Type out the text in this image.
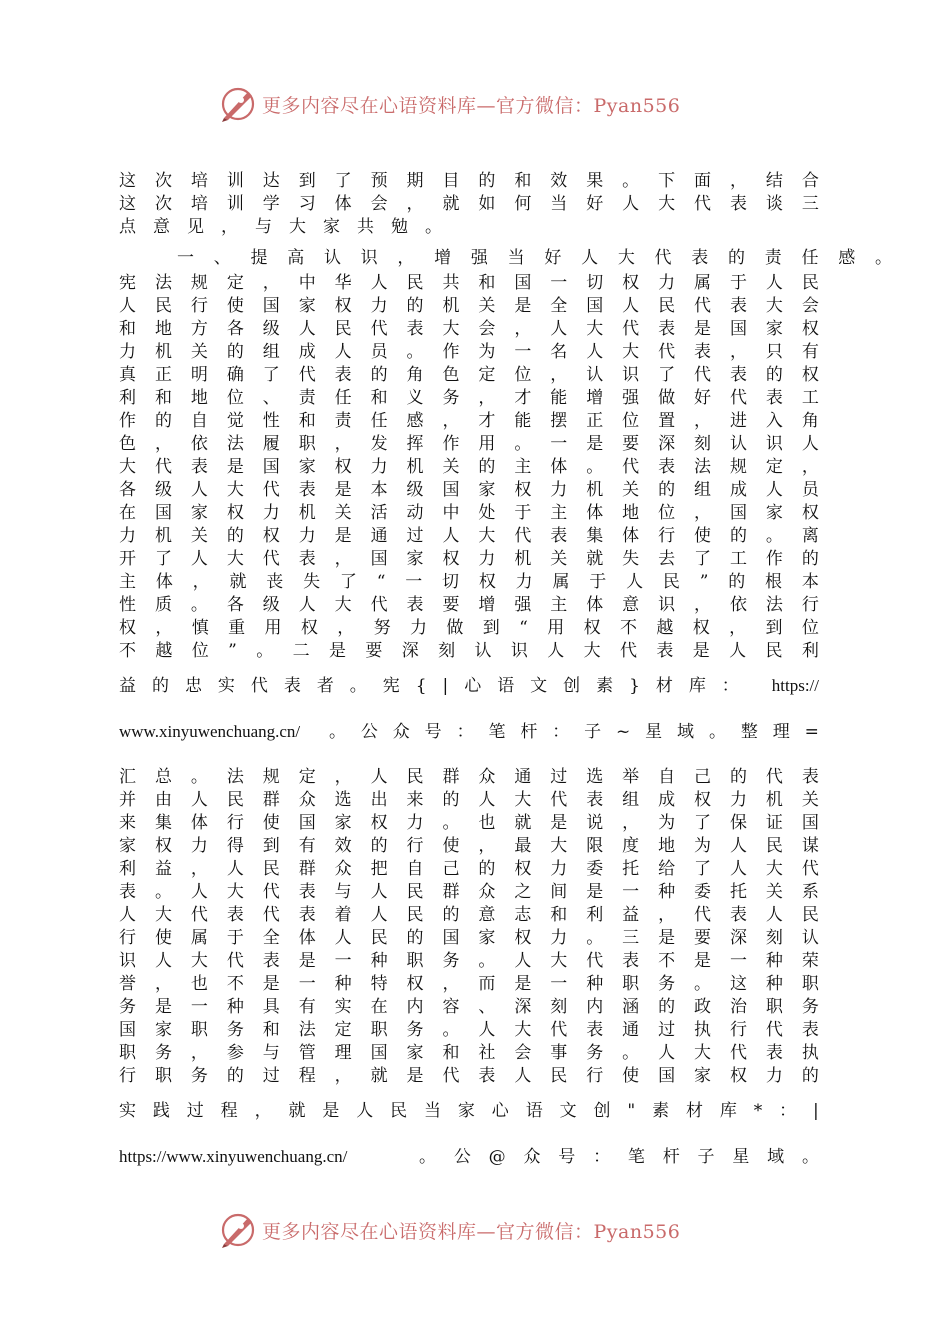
更多内容尽在心语资料库—官方微信：Pyan556
这 次 培 训 达 到 了 预 期 目 的 和 效 果 。 下 面 ， 结 合
这 次 培 训 学 习 体 会 ， 就 如 何 当 好 人 大 代 表 谈 三
点 意 见 ， 与 大 家 共 勉 。
一 、 提 高 认 识 ， 增 强 当 好 人 大 代 表 的 责 任 感 。
宪 法 规 定 ， 中 华 人 民 共 和 国 一 切 权 力 属 于 人 民
人 民 行 使 国 家 权 力 的 机 关 是 全 国 人 民 代 表 大 会
和 地 方 各 级 人 民 代 表 大 会 ， 人 大 代 表 是 国 家 权
力 机 关 的 组 成 人 员 。 作 为 一 名 人 大 代 表 ， 只 有
真 正 明 确 了 代 表 的 角 色 定 位 ， 认 识 了 代 表 的 权
利 和 地 位 、 责 任 和 义 务 ， 才 能 增 强 做 好 代 表 工
作 的 自 觉 性 和 责 任 感 ， 才 能 摆 正 位 置 ， 进 入 角
色 ， 依 法 履 职 ， 发 挥 作 用 。 一 是 要 深 刻 认 识 人
大 代 表 是 国 家 权 力 机 关 的 主 体 。 代 表 法 规 定 ，
各 级 人 大 代 表 是 本 级 国 家 权 力 机 关 的 组 成 人 员
在 国 家 权 力 机 关 活 动 中 处 于 主 体 地 位 ， 国 家 权
力 机 关 的 权 力 是 通 过 人 大 代 表 集 体 行 使 的 。 离
开 了 人 大 代 表 ， 国 家 权 力 机 关 就 失 去 了 工 作 的
主 体 ， 就 丧 失 了 “ 一 切 权 力 属 于 人 民 ” 的 根 本
性 质 。 各 级 人 大 代 表 要 增 强 主 体 意 识 ， 依 法 行
权 ， 慎 重 用 权 ， 努 力 做 到 “ 用 权 不 越 权 ， 到 位
不 越 位 ” 。 二 是 要 深 刻 认 识 人 大 代 表 是 人 民 利
益 的 忠 实 代 表 者 。 宪 { | 心 语 文 创 素 } 材 库 ： https://
www.xinyuwenchuang.cn/ 。 公 众 号 ： 笔 杆 ： 子 ~ 星 域 。 整 理 =
汇 总 。 法 规 定 ， 人 民 群 众 通 过 选 举 自 己 的 代 表
并 由 人 民 群 众 选 出 来 的 人 大 代 表 组 成 权 力 机 关
来 集 体 行 使 国 家 权 力 。 也 就 是 说 ， 为 了 保 证 国
家 权 力 得 到 有 效 的 行 使 ， 最 大 限 度 地 为 人 民 谋
利 益 ， 人 民 群 众 把 自 己 的 权 力 委 托 给 了 人 大 代
表 。 人 大 代 表 与 人 民 群 众 之 间 是 一 种 委 托 关 系
人 大 代 表 代 表 着 人 民 的 意 志 和 利 益 ， 代 表 人 民
行 使 属 于 全 体 人 民 的 国 家 权 力 。 三 是 要 深 刻 认
识 人 大 代 表 是 一 种 职 务 。 人 大 代 表 不 是 一 种 荣
誉 ， 也 不 是 一 种 特 权 ， 而 是 一 种 职 务 。 这 种 职
务 是 一 种 具 有 实 在 内 容 、 深 刻 内 涵 的 政 治 职 务
国 家 职 务 和 法 定 职 务 。 人 大 代 表 通 过 执 行 代 表
职 务 ， 参 与 管 理 国 家 和 社 会 事 务 。 人 大 代 表 执
行 职 务 的 过 程 ， 就 是 代 表 人 民 行 使 国 家 权 力 的
实 践 过 程 ， 就 是 人 民 当 家 心 语 文 创 " 素 材 库 * ： |
https://www.xinyuwenchuang.cn/	。 公 @ 众 号 ： 笔 杆 子 星 域 。
更多内容尽在心语资料库—官方微信：Pyan556
